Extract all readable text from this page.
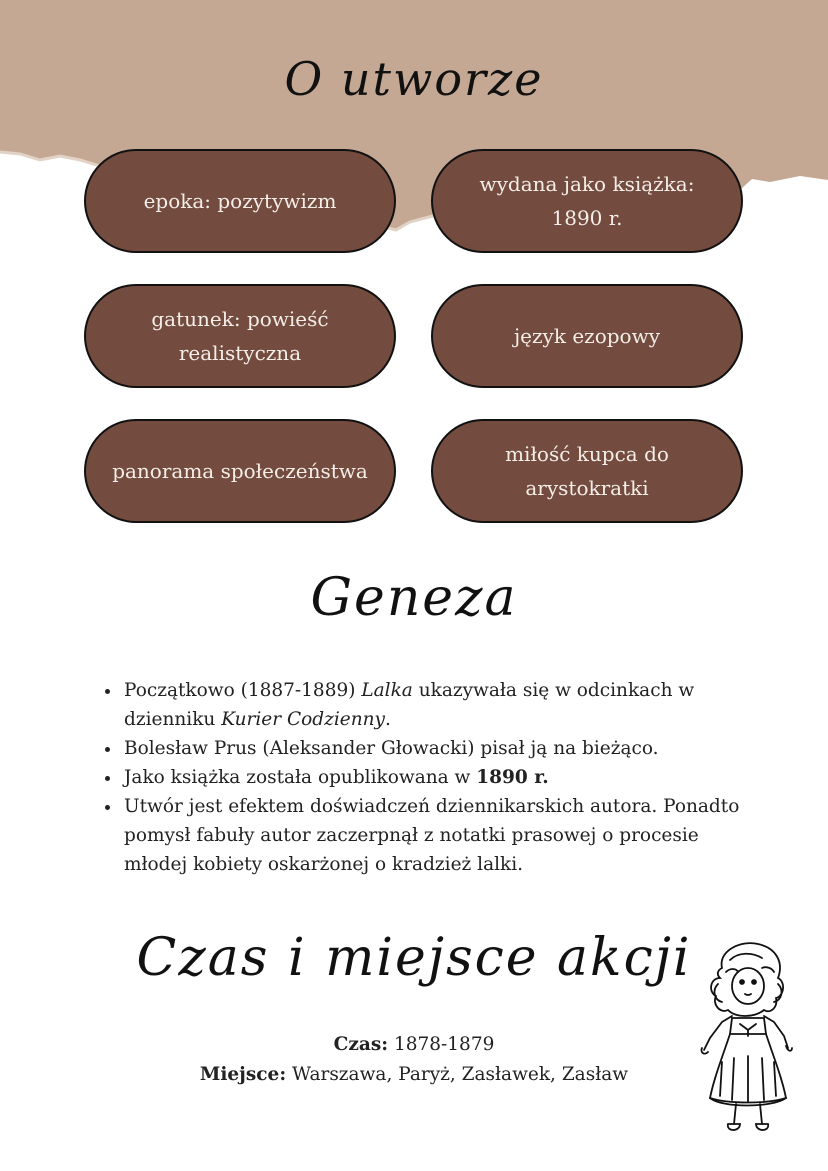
O utworze
epoka: pozytywizm
wydana jako książka: 1890 r.
gatunek: powieść realistyczna
język ezopowy
panorama społeczeństwa
miłość kupca do arystokratki
Geneza
• Początkowo (1887-1889) Lalka ukazywała się w odcinkach w dzienniku Kurier Codzienny.
• Bolesław Prus (Aleksander Głowacki) pisał ją na bieżąco.
• Jako książka została opublikowana w 1890 r.
• Utwór jest efektem doświadczeń dziennikarskich autora. Ponadto pomysł fabuły autor zaczerpnął z notatki prasowej o procesie młodej kobiety oskarżonej o kradzież lalki.
Czas i miejsce akcji
Czas: 1878-1879
Miejsce: Warszawa, Paryż, Zasławek, Zasław
